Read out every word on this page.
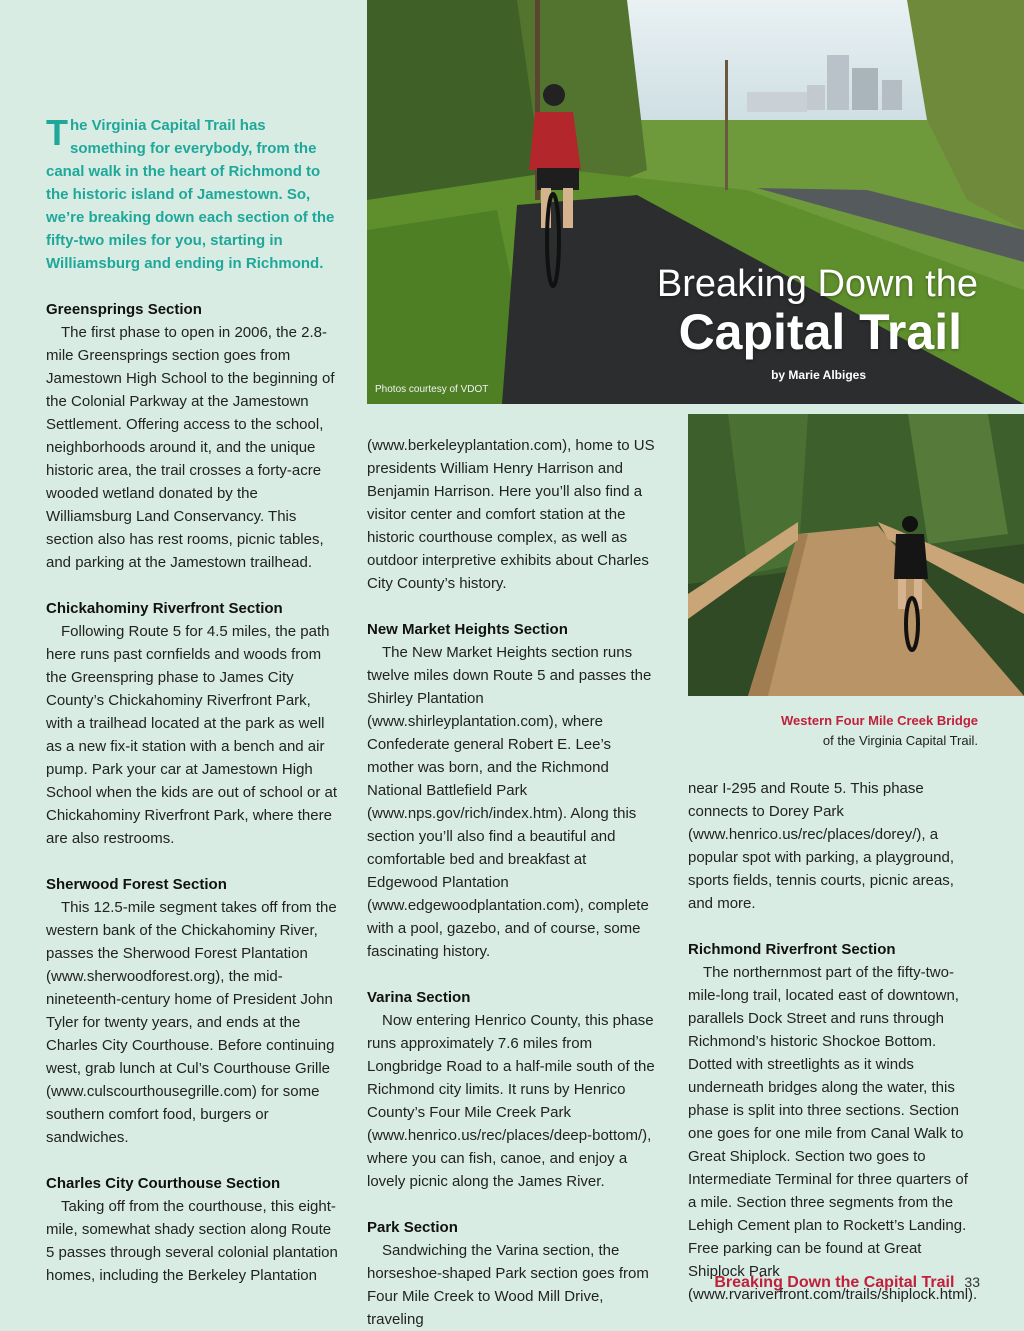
Breaking Down the
Capital Trail
by Marie Albiges
Photos courtesy of VDOT
Western Four Mile Creek Bridge
of the Virginia Capital Trail.

The Virginia Capital Trail has something for everybody, from the canal walk in the heart of Richmond to the historic island of Jamestown. So, we’re breaking down each section of the fifty-two miles for you, starting in Williamsburg and ending in Richmond.

Greensprings Section

The first phase to open in 2006, the 2.8-mile Greensprings section goes from Jamestown High School to the beginning of the Colonial Parkway at the Jamestown Settlement. Offering access to the school, neighborhoods around it, and the unique historic area, the trail crosses a forty-acre wooded wetland donated by the Williamsburg Land Conservancy. This section also has rest rooms, picnic tables, and parking at the Jamestown trailhead.

Chickahominy Riverfront Section

Following Route 5 for 4.5 miles, the path here runs past cornfields and woods from the Greenspring phase to James City County’s Chickahominy Riverfront Park, with a trailhead located at the park as well as a new fix-it station with a bench and air pump. Park your car at Jamestown High School when the kids are out of school or at Chickahominy Riverfront Park, where there are also restrooms.

Sherwood Forest Section

This 12.5-mile segment takes off from the western bank of the Chickahominy River, passes the Sherwood Forest Plantation (www.sherwoodforest.org), the mid-nineteenth-century home of President John Tyler for twenty years, and ends at the Charles City Courthouse. Before continuing west, grab lunch at Cul’s Courthouse Grille (www.culscourthousegrille.com) for some southern comfort food, burgers or sandwiches.

Charles City Courthouse Section

Taking off from the courthouse, this eight-mile, somewhat shady section along Route 5 passes through several colonial plantation homes, including the Berkeley Plantation

(www.berkeleyplantation.com), home to US presidents William Henry Harrison and Benjamin Harrison. Here you’ll also find a visitor center and comfort station at the historic courthouse complex, as well as outdoor interpretive exhibits about Charles City County’s history.

New Market Heights Section

The New Market Heights section runs twelve miles down Route 5 and passes the Shirley Plantation (www.shirleyplantation.com), where Confederate general Robert E. Lee’s mother was born, and the Richmond National Battlefield Park (www.nps.gov/rich/index.htm). Along this section you’ll also find a beautiful and comfortable bed and breakfast at Edgewood Plantation (www.edgewoodplantation.com), complete with a pool, gazebo, and of course, some fascinating history.

Varina Section

Now entering Henrico County, this phase runs approximately 7.6 miles from Longbridge Road to a half-mile south of the Richmond city limits. It runs by Henrico County’s Four Mile Creek Park (www.henrico.us/rec/places/deep-bottom/), where you can fish, canoe, and enjoy a lovely picnic along the James River.

Park Section

Sandwiching the Varina section, the horseshoe-shaped Park section goes from Four Mile Creek to Wood Mill Drive, traveling

near I-295 and Route 5. This phase connects to Dorey Park (www.henrico.us/rec/places/dorey/), a popular spot with parking, a playground, sports fields, tennis courts, picnic areas, and more.

Richmond Riverfront Section

The northernmost part of the fifty-two-mile-long trail, located east of downtown, parallels Dock Street and runs through Richmond’s historic Shockoe Bottom. Dotted with streetlights as it winds underneath bridges along the water, this phase is split into three sections. Section one goes for one mile from Canal Walk to Great Shiplock. Section two goes to Intermediate Terminal for three quarters of a mile. Section three segments from the Lehigh Cement plan to Rockett’s Landing. Free parking can be found at Great Shiplock Park (www.rvariverfront.com/trails/shiplock.html).

Breaking Down the Capital Trail 33
